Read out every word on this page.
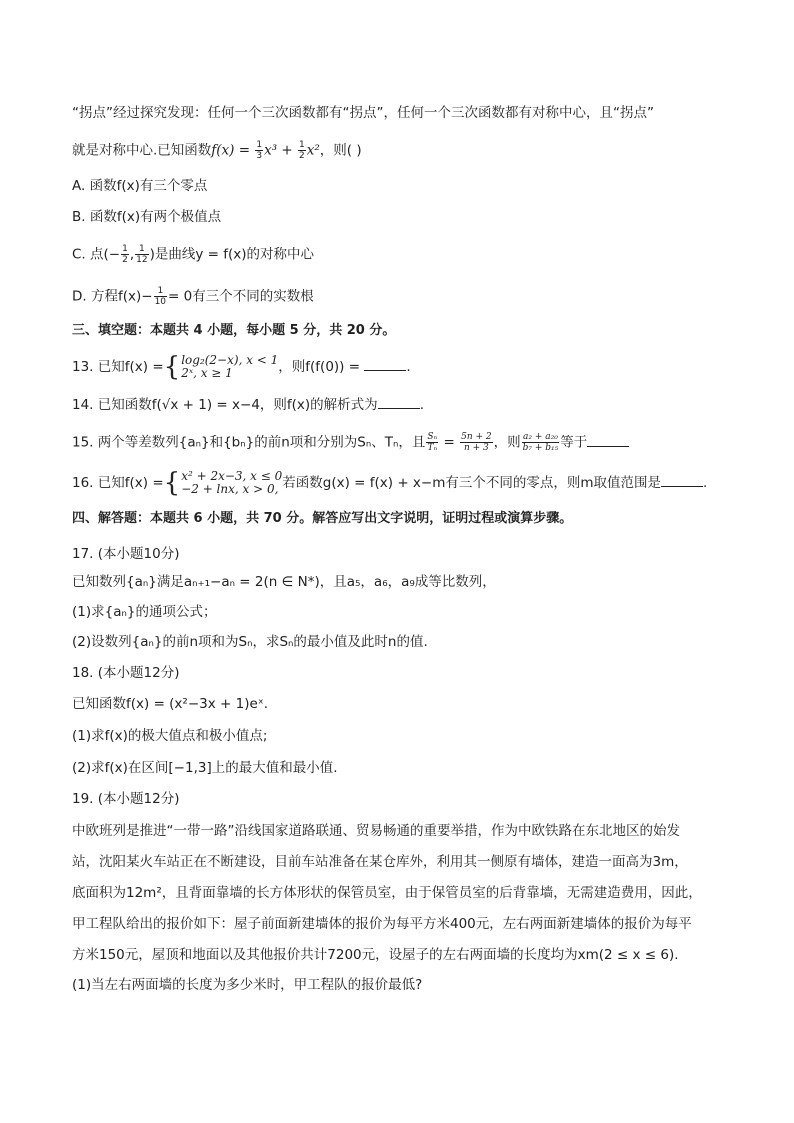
“拐点”经过探究发现：任何一个三次函数都有“拐点”，任何一个三次函数都有对称中心，且“拐点”
就是对称中心.已知函数$f(x) = \frac{1}{3} x^3 + \frac{1}{2} x^2$，则( )
A. 函数f(x)有三个零点
B. 函数f(x)有两个极值点
C. 点(− $\frac{1}{2}$ , $\frac{1}{12}$ )是曲线y = f(x)的对称中心
D. 方程$f(x)- \frac{1}{10} = 0$有三个不同的实数根
三、填空题：本题共 4 小题，每小题 5 分，共 20 分。
13. 已知f(x) ={ log₂(2−x), x < 1
2ˣ, x ≥ 1	，则f(f(0)) =	.
14. 已知函数f(√x + 1) = x−4，则f(x)的解析式为	.
15. 两个等差数列{aₙ}和{bₙ}的前n项和分别为Sₙ、Tₙ，且 $\frac{\text{Sₙ}}{\text{Tₙ}} = \frac{5n + 2}{n + 3}$ ，则 $\frac{\text{a₂ + a₂₀}}{\text{b₇ + b₁₅}}$ 等于
16. 已知f(x) ={ x² + 2x−3, x ≤ 0
−2 + lnx, x > 0, 若函数g(x) = f(x) + x−m有三个不同的零点，则m取值范围是	.
四、解答题：本题共 6 小题，共 70 分。解答应写出文字说明，证明过程或演算步骤。
17. (本小题10分)
已知数列{aₙ}满足aₙ₊₁−aₙ = 2(n ∈ N*)，且a₅，a₆，a₉成等比数列，
(1)求{aₙ}的通项公式；
(2)设数列{aₙ}的前n项和为Sₙ，求Sₙ的最小值及此时n的值.
18. (本小题12分)
已知函数f(x) = (x²−3x + 1)eˣ.
(1)求f(x)的极大值点和极小值点;
(2)求f(x)在区间[−1,3]上的最大值和最小值.
19. (本小题12分)
中欧班列是推进“一带一路”沿线国家道路联通、贸易畅通的重要举措，作为中欧铁路在东北地区的始发
站，沈阳某火车站正在不断建设，目前车站准备在某仓库外，利用其一侧原有墙体，建造一面高为3m，
底面积为12m²，且背面靠墙的长方体形状的保管员室，由于保管员室的后背靠墙，无需建造费用，因此，
甲工程队给出的报价如下：屋子前面新建墙体的报价为每平方米400元，左右两面新建墙体的报价为每平
方米150元，屋顶和地面以及其他报价共计7200元，设屋子的左右两面墙的长度均为xm(2 ≤ x ≤ 6).
(1)当左右两面墙的长度为多少米时，甲工程队的报价最低?
